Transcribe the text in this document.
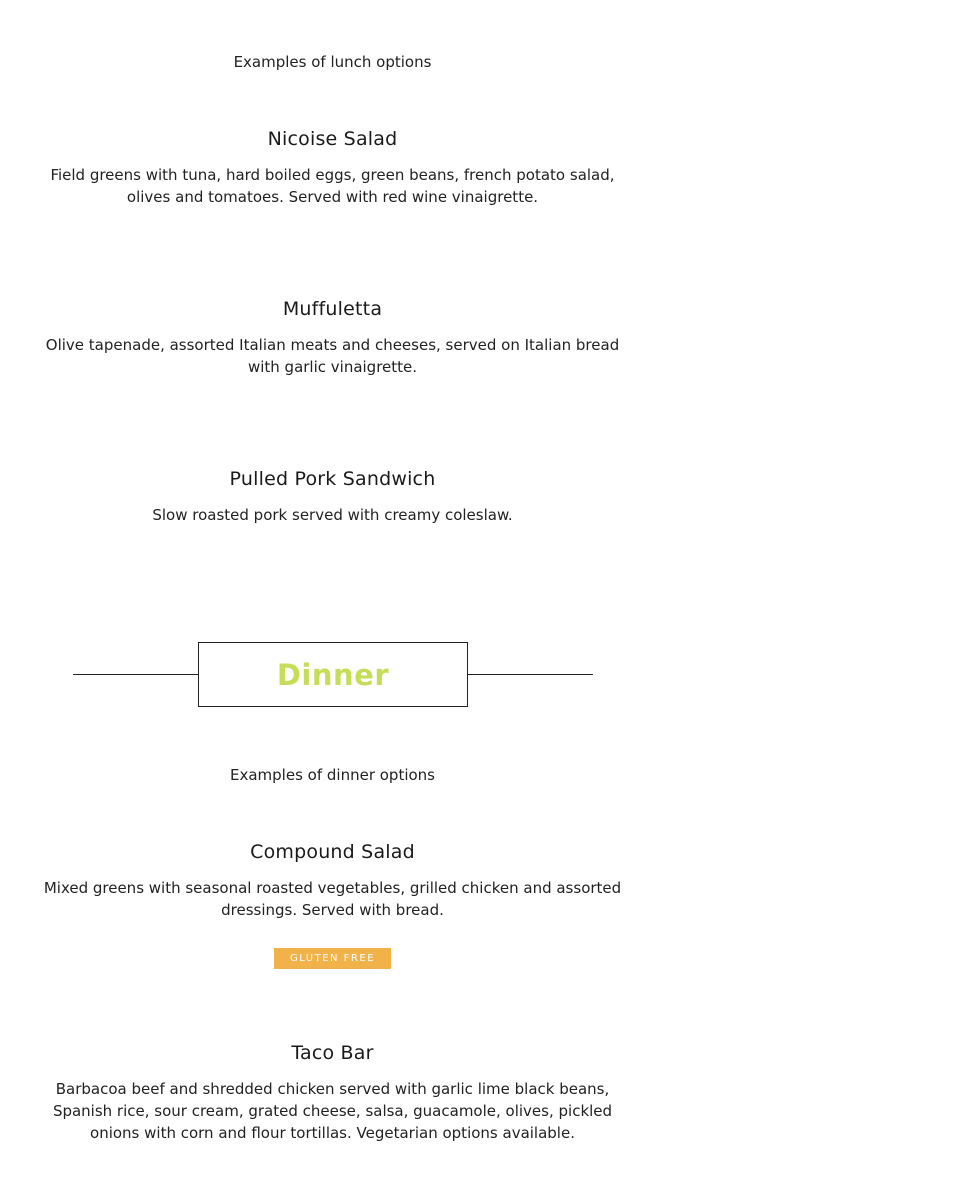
Examples of lunch options
Nicoise Salad
Field greens with tuna, hard boiled eggs, green beans, french potato salad, olives and tomatoes. Served with red wine vinaigrette.
Muffuletta
Olive tapenade, assorted Italian meats and cheeses, served on Italian bread with garlic vinaigrette.
Pulled Pork Sandwich
Slow roasted pork served with creamy coleslaw.
Dinner
Examples of dinner options
Compound Salad
Mixed greens with seasonal roasted vegetables, grilled chicken and assorted dressings. Served with bread.
GLUTEN FREE
Taco Bar
Barbacoa beef and shredded chicken served with garlic lime black beans, Spanish rice, sour cream, grated cheese, salsa, guacamole, olives, pickled onions with corn and flour tortillas. Vegetarian options available.
